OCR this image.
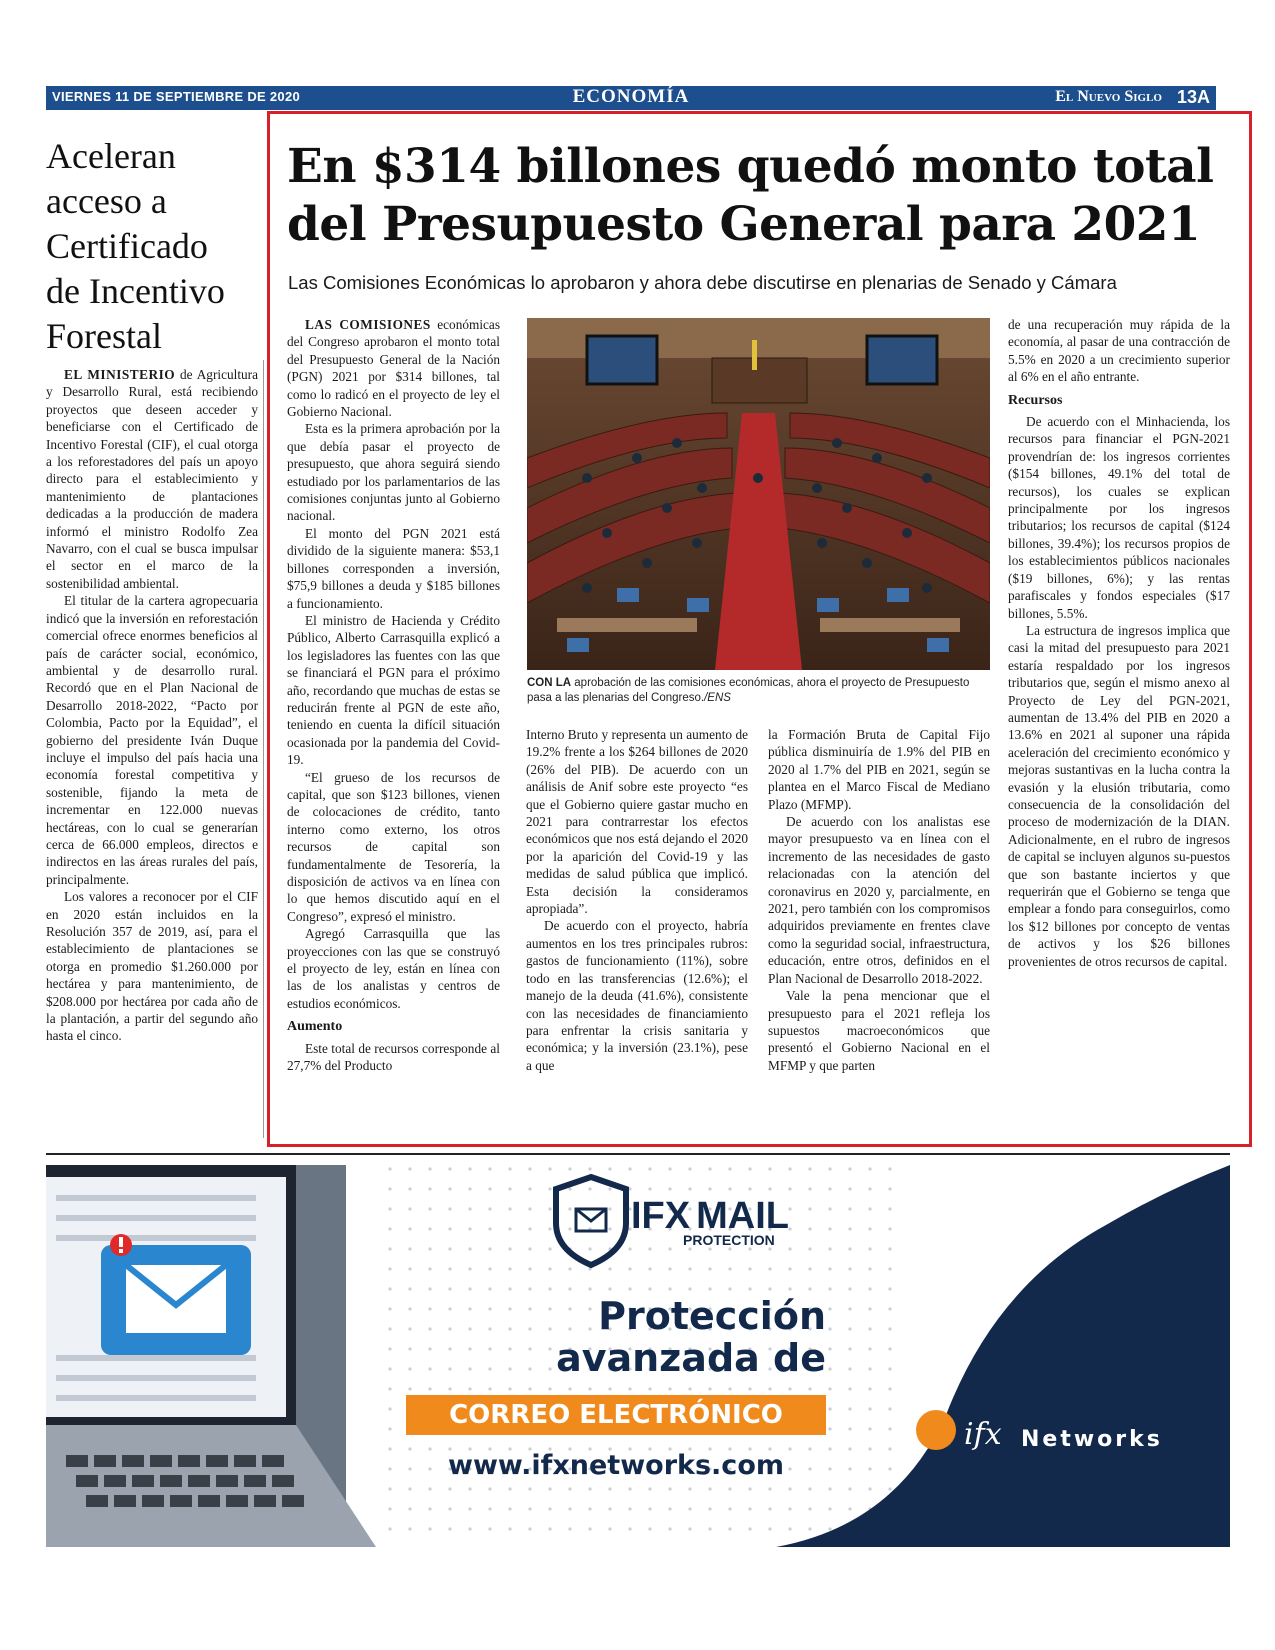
VIERNES 11 DE SEPTIEMBRE DE 2020	ECONOMÍA	El Nuevo Siglo 13A
Aceleran acceso a Certificado de Incentivo Forestal

EL MINISTERIO de Agricultura y Desarrollo Rural, está recibiendo proyectos que deseen acceder y beneficiarse con el Certificado de Incentivo Forestal (CIF), el cual otorga a los reforestadores del país un apoyo directo para el establecimiento y mantenimiento de plantaciones dedicadas a la producción de madera informó el ministro Rodolfo Zea Navarro, con el cual se busca impulsar el sector en el marco de la sostenibilidad ambiental.

El titular de la cartera agropecuaria indicó que la inversión en reforestación comercial ofrece enormes beneficios al país de carácter social, económico, ambiental y de desarrollo rural. Recordó que en el Plan Nacional de Desarrollo 2018-2022, “Pacto por Colombia, Pacto por la Equidad”, el gobierno del presidente Iván Duque incluye el impulso del país hacia una economía forestal competitiva y sostenible, fijando la meta de incrementar en 122.000 nuevas hectáreas, con lo cual se generarían cerca de 66.000 empleos, directos e indirectos en las áreas rurales del país, principalmente.

Los valores a reconocer por el CIF en 2020 están incluidos en la Resolución 357 de 2019, así, para el establecimiento de plantaciones se otorga en promedio $1.260.000 por hectárea y para mantenimiento, de $208.000 por hectárea por cada año de la plantación, a partir del segundo año hasta el cinco.

En $314 billones quedó monto total del Presupuesto General para 2021
Las Comisiones Económicas lo aprobaron y ahora debe discutirse en plenarias de Senado y Cámara

LAS COMISIONES económicas del Congreso aprobaron el monto total del Presupuesto General de la Nación (PGN) 2021 por $314 billones, tal como lo radicó en el proyecto de ley el Gobierno Nacional.

Esta es la primera aprobación por la que debía pasar el proyecto de presupuesto, que ahora seguirá siendo estudiado por los parlamentarios de las comisiones conjuntas junto al Gobierno nacional.

El monto del PGN 2021 está dividido de la siguiente manera: $53,1 billones corresponden a inversión, $75,9 billones a deuda y $185 billones a funcionamiento.

El ministro de Hacienda y Crédito Público, Alberto Carrasquilla explicó a los legisladores las fuentes con las que se financiará el PGN para el próximo año, recordando que muchas de estas se reducirán frente al PGN de este año, teniendo en cuenta la difícil situación ocasionada por la pandemia del Covid-19.

“El grueso de los recursos de capital, que son $123 billones, vienen de colocaciones de crédito, tanto interno como externo, los otros recursos de capital son fundamentalmente de Tesorería, la disposición de activos va en línea con lo que hemos discutido aquí en el Congreso”, expresó el ministro.

Agregó Carrasquilla que las proyecciones con las que se construyó el proyecto de ley, están en línea con las de los analistas y centros de estudios económicos.

Aumento

Este total de recursos corresponde al 27,7% del Producto

CON LA aprobación de las comisiones económicas, ahora el proyecto de Presupuesto pasa a las plenarias del Congreso./ENS

Interno Bruto y representa un aumento de 19.2% frente a los $264 billones de 2020 (26% del PIB). De acuerdo con un análisis de Anif sobre este proyecto “es que el Gobierno quiere gastar mucho en 2021 para contrarrestar los efectos económicos que nos está dejando el 2020 por la aparición del Covid-19 y las medidas de salud pública que implicó. Esta decisión la consideramos apropiada”.

De acuerdo con el proyecto, habría aumentos en los tres principales rubros: gastos de funcionamiento (11%), sobre todo en las transferencias (12.6%); el manejo de la deuda (41.6%), consistente con las necesidades de financiamiento para enfrentar la crisis sanitaria y económica; y la inversión (23.1%), pese a que

la Formación Bruta de Capital Fijo pública disminuiría de 1.9% del PIB en 2020 al 1.7% del PIB en 2021, según se plantea en el Marco Fiscal de Mediano Plazo (MFMP).

De acuerdo con los analistas ese mayor presupuesto va en línea con el incremento de las necesidades de gasto relacionadas con la atención del coronavirus en 2020 y, parcialmente, en 2021, pero también con los compromisos adquiridos previamente en frentes clave como la seguridad social, infraestructura, educación, entre otros, definidos en el Plan Nacional de Desarrollo 2018-2022.

Vale la pena mencionar que el presupuesto para el 2021 refleja los supuestos macroeconómicos que presentó el Gobierno Nacional en el MFMP y que parten

de una recuperación muy rápida de la economía, al pasar de una contracción de 5.5% en 2020 a un crecimiento superior al 6% en el año entrante.

Recursos

De acuerdo con el Minhacienda, los recursos para financiar el PGN-2021 provendrían de: los ingresos corrientes ($154 billones, 49.1% del total de recursos), los cuales se explican principalmente por los ingresos tributarios; los recursos de capital ($124 billones, 39.4%); los recursos propios de los establecimientos públicos nacionales ($19 billones, 6%); y las rentas parafiscales y fondos especiales ($17 billones, 5.5%.

La estructura de ingresos implica que casi la mitad del presupuesto para 2021 estaría respaldado por los ingresos tributarios que, según el mismo anexo al Proyecto de Ley del PGN-2021, aumentan de 13.4% del PIB en 2020 a 13.6% en 2021 al suponer una rápida aceleración del crecimiento económico y mejoras sustantivas en la lucha contra la evasión y la elusión tributaria, como consecuencia de la consolidación del proceso de modernización de la DIAN. Adicionalmente, en el rubro de ingresos de capital se incluyen algunos su-puestos que son bastante inciertos y que requerirán que el Gobierno se tenga que emplear a fondo para conseguirlos, como los $12 billones por concepto de ventas de activos y los $26 billones provenientes de otros recursos de capital.

IFX MAIL
PROTECTION
Protección
avanzada de
CORREO ELECTRÓNICO
www.ifxnetworks.com
ifx Networks
